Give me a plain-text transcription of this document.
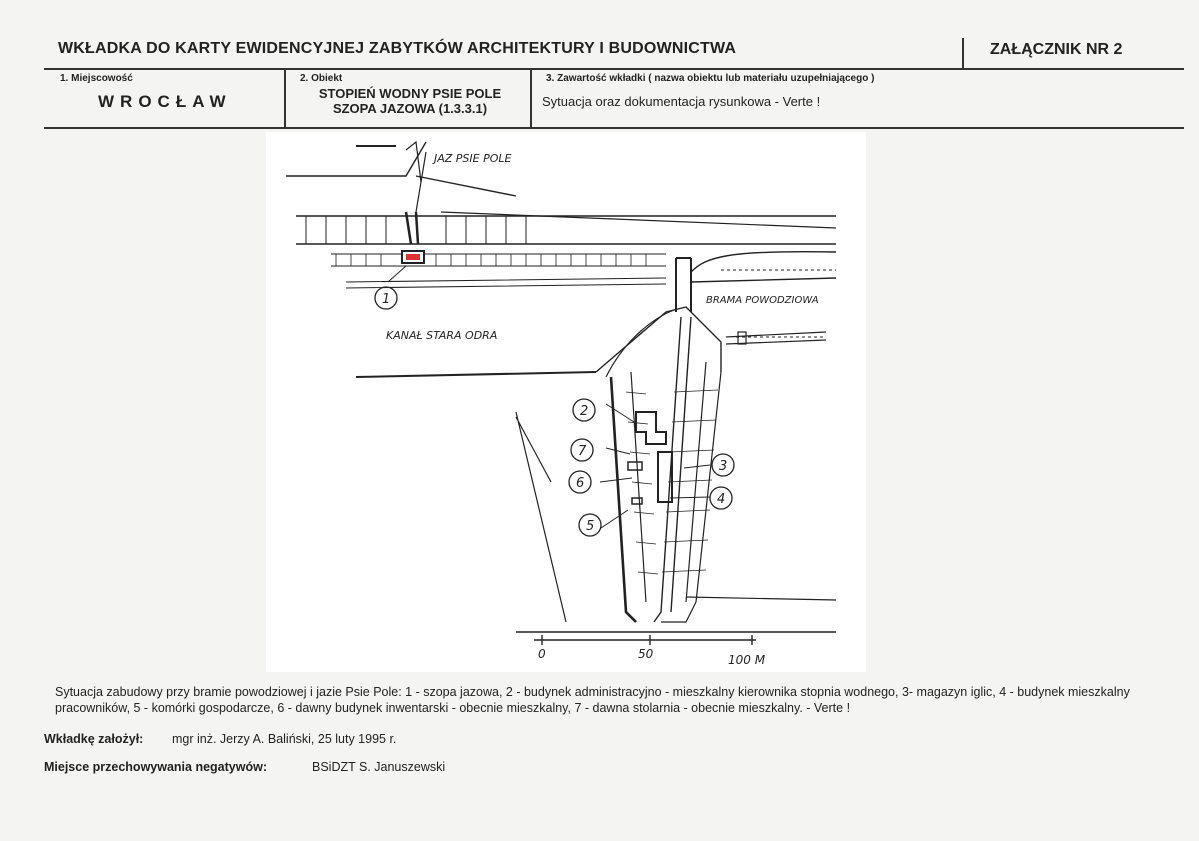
WKŁADKA DO KARTY EWIDENCYJNEJ ZABYTKÓW ARCHITEKTURY I BUDOWNICTWA	ZAŁĄCZNIK NR 2
1. Miejscowość
WROCŁAW
2. Obiekt
STOPIEŃ WODNY PSIE POLE
SZOPA JAZOWA (1.3.3.1)
3. Zawartość wkładki ( nazwa obiektu lub materiału uzupełniającego )
Sytuacja oraz dokumentacja rysunkowa - Verte !
1
2
3
4
5
6
7
JAZ PSIE POLE
BRAMA POWODZIOWA
KANAŁ STARA ODRA
0	50	100 M
Sytuacja zabudowy przy bramie powodziowej i jazie Psie Pole: 1 - szopa jazowa, 2 - budynek administracyjno - mieszkalny kierownika stopnia wodnego, 3- magazyn iglic, 4 - budynek mieszkalny pracowników, 5 - komórki gospodarcze, 6 - dawny budynek inwentarski - obecnie mieszkalny, 7 - dawna stolarnia - obecnie mieszkalny. - Verte !
Wkładkę założył: mgr inż. Jerzy A. Baliński, 25 luty 1995 r.
Miejsce przechowywania negatywów:	BSiDZT S. Januszewski
